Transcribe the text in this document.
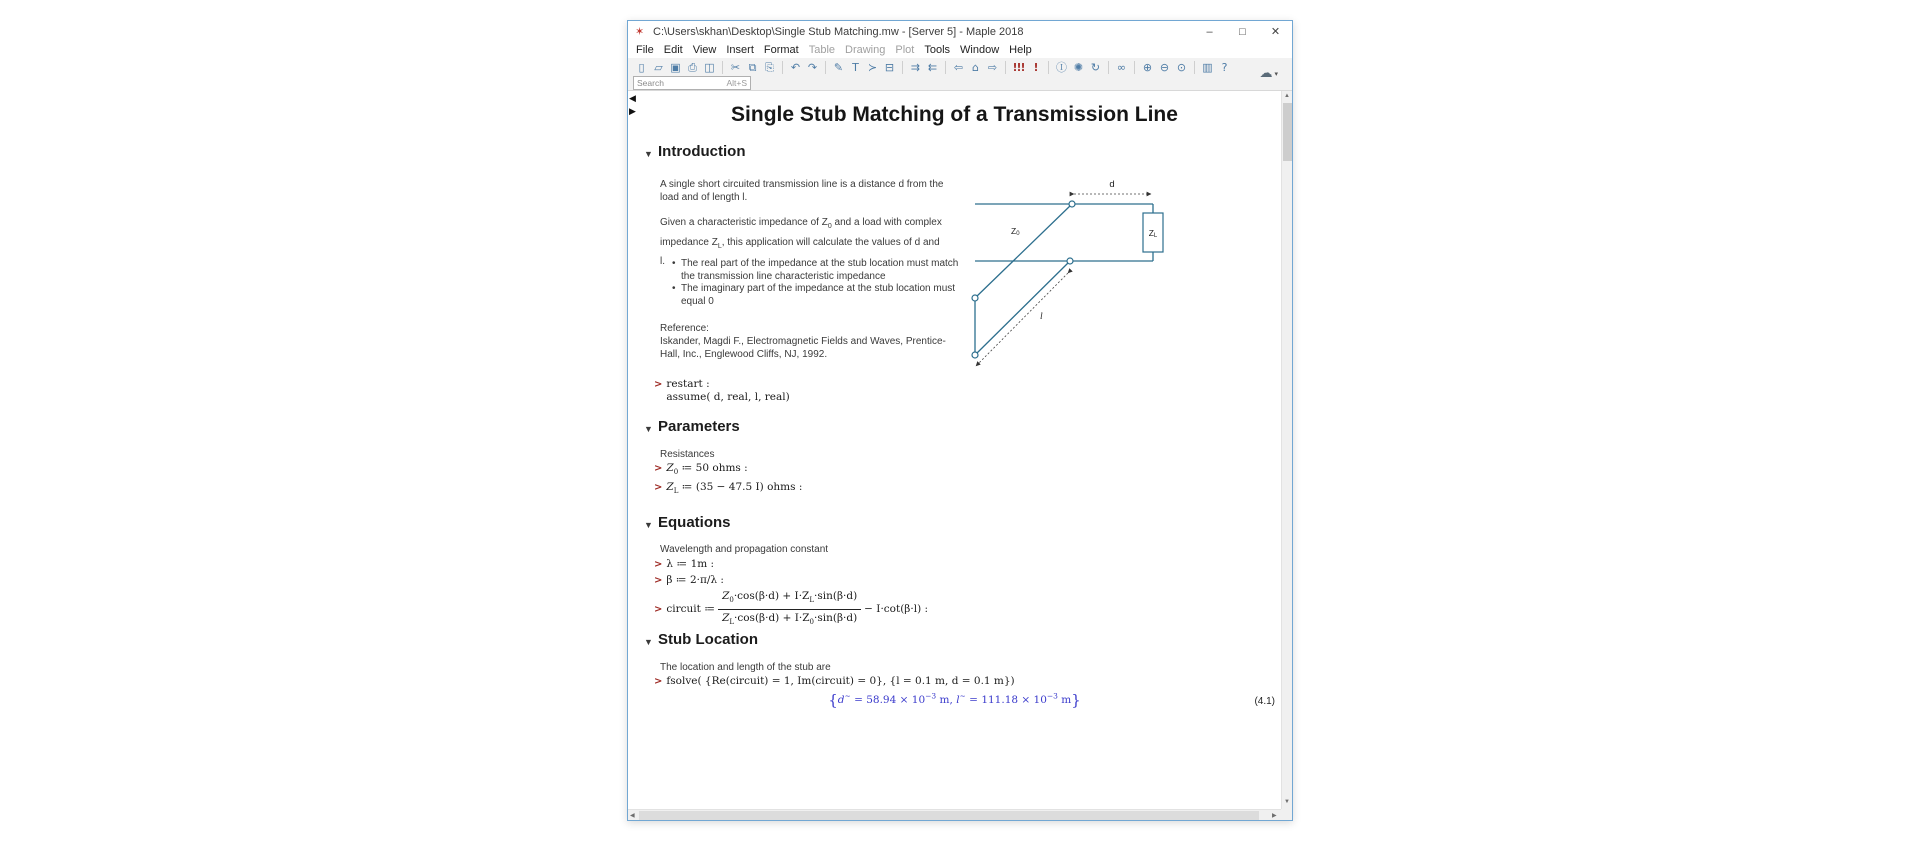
✶ C:\Users\skhan\Desktop\Single Stub Matching.mw - [Server 5] - Maple 2018	–	□	✕
File Edit View Insert Format Table Drawing Plot Tools Window Help
▯ ▱ ▣ ⎙ ◫	✂ ⧉ ⎘	↶ ↷	✎ T ≻ ⊟	⇉ ⇇	⇦ ⌂ ⇨	!!! !	Ⓘ ✺ ↻	∞	⊕ ⊖ ⊙	▥ ?
Search	Alt+S
☁ ▾
◀
▶	Single Stub Matching of a Transmission Line
▼ Introduction
A single short circuited transmission line is a distance d from the load and of length l.
Given a characteristic impedance of $Z_0$ and a load with complex impedance $Z_L$, this application will calculate the values of d and l.	• The real part of the impedance at the stub location must match the transmission line characteristic impedance
• The imaginary part of the impedance at the stub location must equal 0
Reference:
Iskander, Magdi F., Electromagnetic Fields and Waves, Prentice-Hall, Inc., Englewood Cliffs, NJ, 1992.
> restart :
assume( d, real, l, real)
d
ZL
l
Z0
▼ Parameters
Resistances
> $Z_0$ ≔ 50 ohms :
> $Z_L$ ≔ (35 − 47.5 I) ohms :
▼ Equations
Wavelength and propagation constant
> λ ≔ 1m :
> β ≔ 2·π/λ :
> circuit ≔ $\frac{Z_0\cdot\cos(\beta\cdot d) + I\cdot Z_L\cdot\sin(\beta\cdot d)}{Z_L\cdot\cos(\beta\cdot d) + I\cdot Z_0\cdot\sin(\beta\cdot d)} - I\cdot\cot(\beta\cdot l)$ :
▼ Stub Location
The location and length of the stub are
> fsolve( {Re(circuit) = 1, Im(circuit) = 0}, {l = 0.1 m, d = 0.1 m})
{$d^\sim = 58.94 \times 10^{-3}$ m, $l^\sim = 111.18 \times 10^{-3}$ m}	(4.1)
▲
▼
◀	▶
